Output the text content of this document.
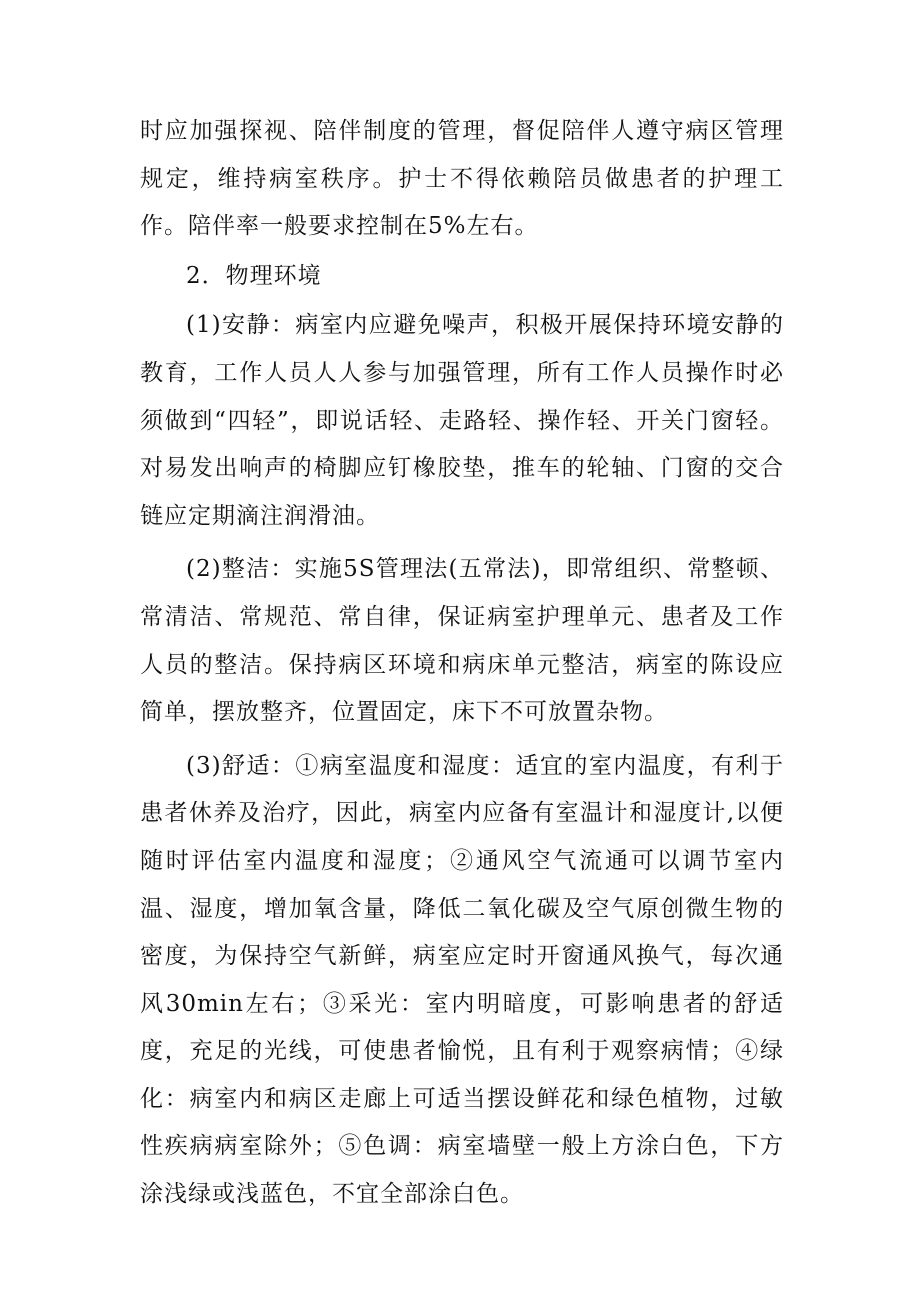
时应加强探视、陪伴制度的管理，督促陪伴人遵守病区管理规定，维持病室秩序。护士不得依赖陪员做患者的护理工作。陪伴率一般要求控制在5%左右。

2．物理环境

(1)安静：病室内应避免噪声，积极开展保持环境安静的教育，工作人员人人参与加强管理，所有工作人员操作时必须做到“四轻”，即说话轻、走路轻、操作轻、开关门窗轻。对易发出响声的椅脚应钉橡胶垫，推车的轮轴、门窗的交合链应定期滴注润滑油。

(2)整洁：实施5S管理法(五常法)，即常组织、常整顿、常清洁、常规范、常自律，保证病室护理单元、患者及工作人员的整洁。保持病区环境和病床单元整洁，病室的陈设应简单，摆放整齐，位置固定，床下不可放置杂物。

(3)舒适：①病室温度和湿度：适宜的室内温度，有利于患者休养及治疗，因此，病室内应备有室温计和湿度计,以便随时评估室内温度和湿度；②通风空气流通可以调节室内温、湿度，增加氧含量，降低二氧化碳及空气原创微生物的密度，为保持空气新鲜，病室应定时开窗通风换气，每次通风30min左右；③采光：室内明暗度，可影响患者的舒适度，充足的光线，可使患者愉悦，且有利于观察病情；④绿化：病室内和病区走廊上可适当摆设鲜花和绿色植物，过敏性疾病病室除外；⑤色调：病室墙壁一般上方涂白色，下方涂浅绿或浅蓝色，不宜全部涂白色。
